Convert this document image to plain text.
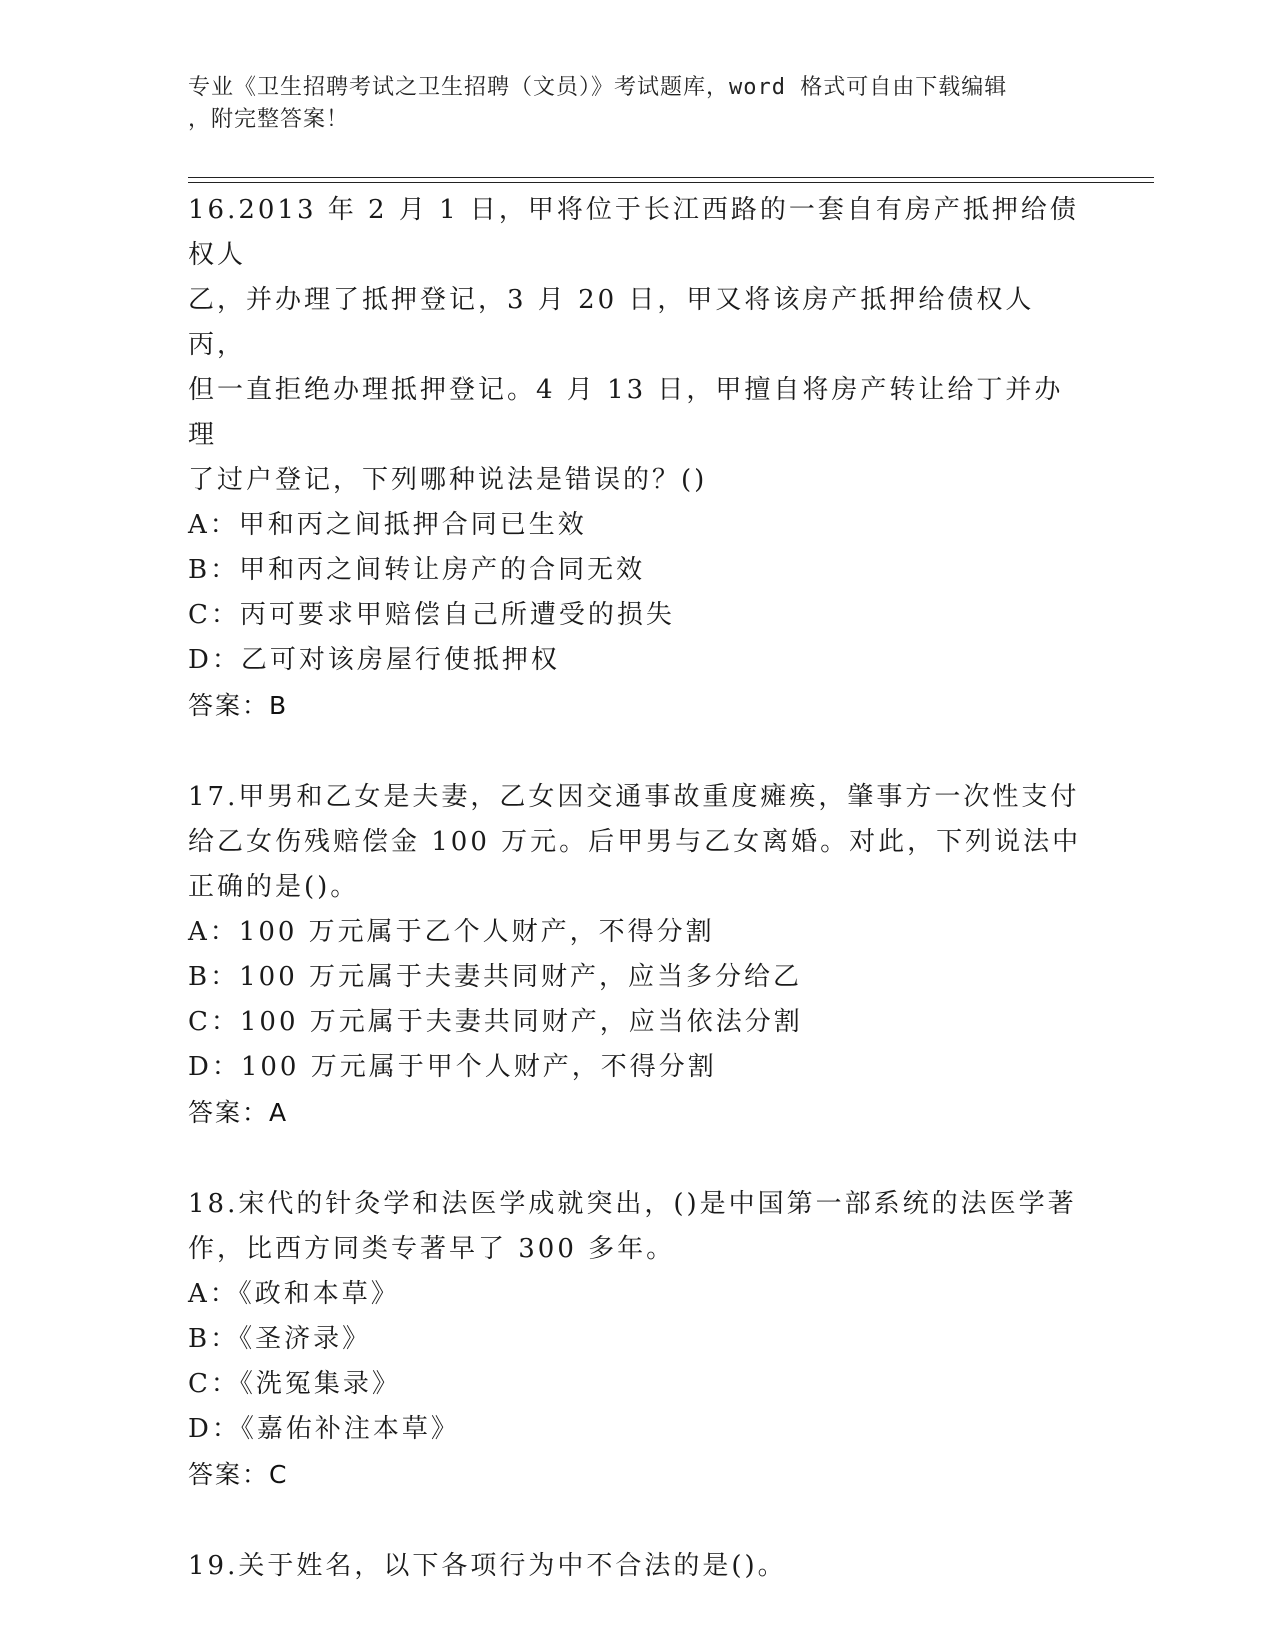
专业《卫生招聘考试之卫生招聘（文员）》考试题库，word 格式可自由下载编辑

，附完整答案！

16.2013 年 2 月 1 日，甲将位于长江西路的一套自有房产抵押给债权人

乙，并办理了抵押登记，3 月 20 日，甲又将该房产抵押给债权人丙，

但一直拒绝办理抵押登记。4 月 13 日，甲擅自将房产转让给丁并办理

了过户登记，下列哪种说法是错误的？()

A：甲和丙之间抵押合同已生效

B：甲和丙之间转让房产的合同无效

C：丙可要求甲赔偿自己所遭受的损失

D：乙可对该房屋行使抵押权

答案：B

17.甲男和乙女是夫妻，乙女因交通事故重度瘫痪，肇事方一次性支付

给乙女伤残赔偿金 100 万元。后甲男与乙女离婚。对此，下列说法中

正确的是()。

A：100 万元属于乙个人财产，不得分割

B：100 万元属于夫妻共同财产，应当多分给乙

C：100 万元属于夫妻共同财产，应当依法分割

D：100 万元属于甲个人财产，不得分割

答案：A

18.宋代的针灸学和法医学成就突出，()是中国第一部系统的法医学著

作，比西方同类专著早了 300 多年。

A：《政和本草》

B：《圣济录》

C：《洗冤集录》

D：《嘉佑补注本草》

答案：C

19.关于姓名，以下各项行为中不合法的是()。
